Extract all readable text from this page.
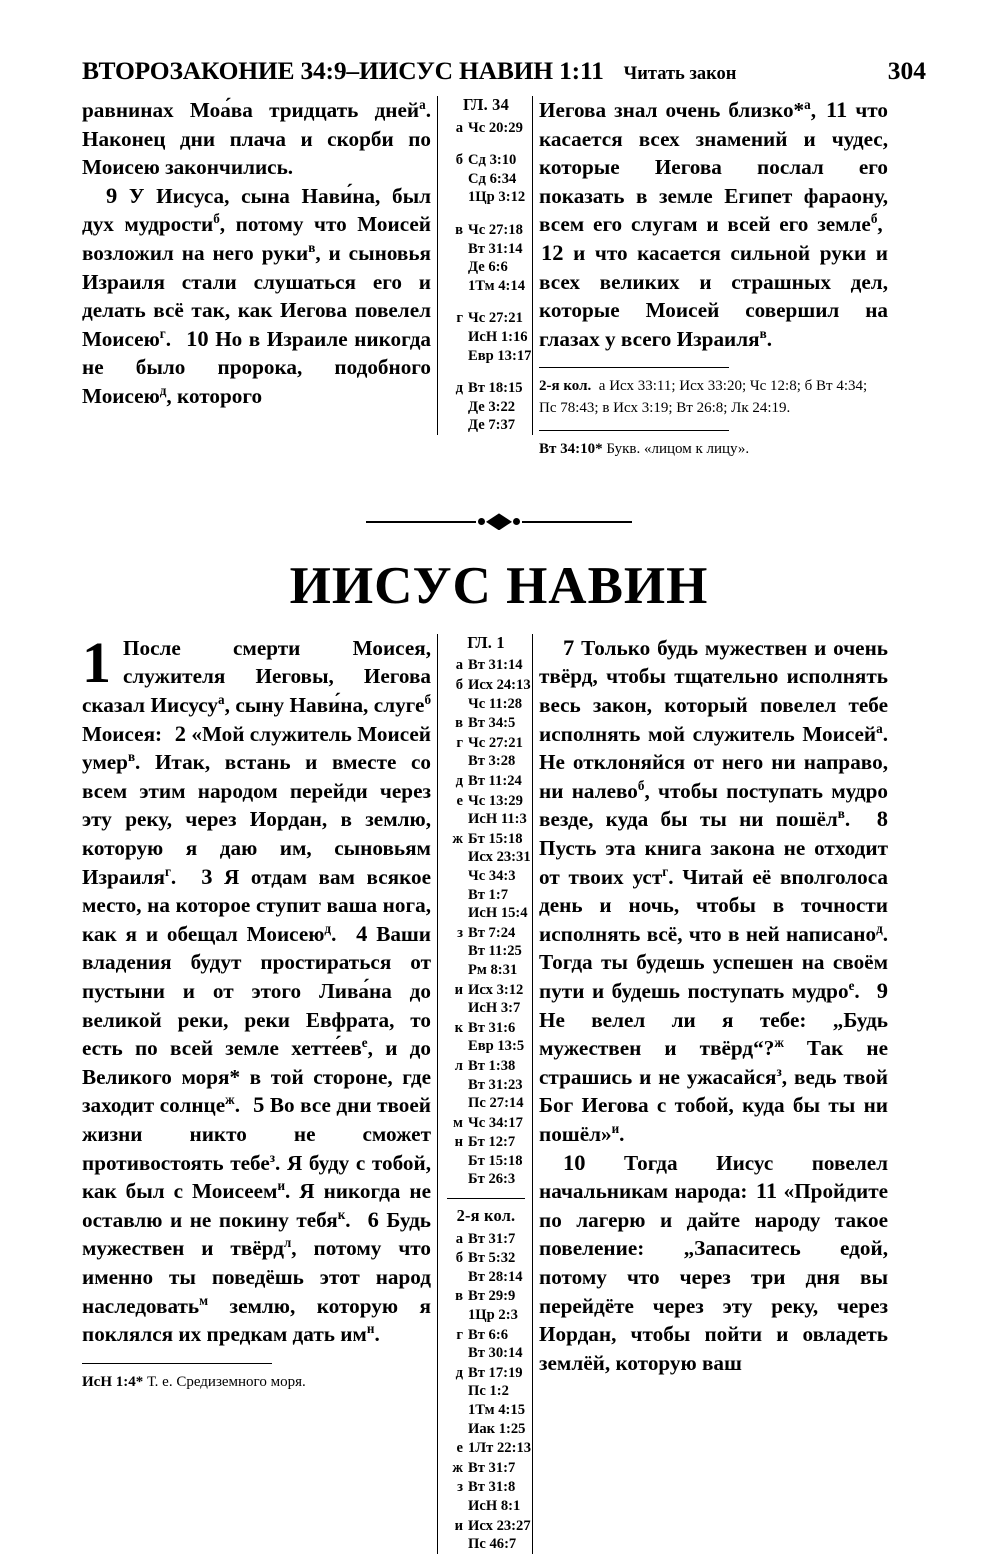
ВТОРОЗАКОНИЕ 34:9–ИИСУС НАВИН 1:11 Читать закон	304

равнинах Моа́ва тридцать дней$^а$. Наконец дни плача и скорби по Моисею закончились.

9 У Иисуса, сына Нави́на, был дух мудрости$^б$, потому что Моисей возложил на него руки$^в$, и сыновья Израиля стали слушаться его и делать всё так, как Иегова повелел Моисею$^г$. 10 Но в Израиле никогда не было пророка, подобного Моисею$^д$, которого

ГЛ. 34
а Чс 20:29
б Сд 3:10
Сд 6:34
1Цр 3:12
в Чс 27:18
Вт 31:14
Де 6:6
1Тм 4:14
г Чс 27:21
ИсН 1:16
Евр 13:17
д Вт 18:15
Де 3:22
Де 7:37

Иегова знал очень близко*$^а$, 11 что касается всех знамений и чудес, которые Иегова послал его показать в земле Египет фараону, всем его слугам и всей его земле$^б$,  12 и что касается сильной руки и всех великих и страшных дел, которые Моисей совершил на глазах у всего Израиля$^в$.

2-я кол. а Исх 33:11; Исх 33:20; Чс 12:8; б Вт 4:34;
Пс 78:43; в Исх 3:19; Вт 26:8; Лк 24:19.
Вт 34:10* Букв. «лицом к лицу».
ИИСУС НАВИН

1 После смерти Моисея, служителя Иеговы, Иегова сказал Иисусу$^а$, сыну Нави́на, слуге$^б$ Моисея: 2 «Мой служитель Моисей умер$^в$. Итак, встань и вместе со всем этим народом перейди через эту реку, через Иордан, в землю, которую я даю им, сыновьям Израиля$^г$. 3 Я отдам вам всякое место, на которое ступит ваша нога, как я и обещал Моисею$^д$. 4 Ваши владения будут простираться от пустыни и от этого Лива́на до великой реки, реки Евфрата, то есть по всей земле $хетте́ев^е$, и до Великого моря* в той стороне, где заходит солнце$^ж$. 5 Во все дни твоей жизни никто не сможет противостоять тебе$^з$. Я буду с тобой, как был с Моисеем$^и$. Я никогда не оставлю и не покину тебя$^к$. 6 Будь мужествен и твёрд$^л$, потому что именно ты поведёшь этот народ наследовать$^м$ землю, которую я поклялся их предкам дать $им^н$.

ИсН 1:4* Т. е. Средиземного моря.
ГЛ. 1
а Вт 31:14
б Исх 24:13
Чс 11:28
в Вт 34:5
г Чс 27:21
Вт 3:28
д Вт 11:24
е Чс 13:29
ИсН 11:3
ж Бт 15:18
Исх 23:31
Чс 34:3
Вт 1:7
ИсН 15:4
з Вт 7:24
Вт 11:25
Рм 8:31
и Исх 3:12
ИсН 3:7
к Вт 31:6
Евр 13:5
л Вт 1:38
Вт 31:23
Пс 27:14
м Чс 34:17
н Бт 12:7
Бт 15:18
Бт 26:3
2-я кол.
а Вт 31:7
б Вт 5:32
Вт 28:14
в Вт 29:9
1Цр 2:3
г Вт 6:6
Вт 30:14
д Вт 17:19
Пс 1:2
1Тм 4:15
Иак 1:25
е 1Лт 22:13
ж Вт 31:7
з Вт 31:8
ИсН 8:1
и Исх 23:27
Пс 46:7

7 Только будь мужествен и очень твёрд, чтобы тщательно исполнять весь закон, который повелел тебе исполнять мой служитель Моисей$^а$. Не отклоняйся от него ни направо, ни налево$^б$, чтобы поступать мудро везде, куда бы ты ни пошёл$^в$. 8 Пусть эта книга закона не отходит от твоих уст$^г$. Читай её вполголоса день и ночь, чтобы в точности исполнять всё, что в ней написано$^д$. Тогда ты будешь успешен на своём пути и будешь поступать мудро$^е$. 9 Не велел ли я тебе: „Будь мужествен и твёрд“?$^ж$ Так не страшись и не ужасайся$^з$, ведь твой Бог Иегова с тобой, куда бы ты ни пошёл»$^и$.

10 Тогда Иисус повелел начальникам народа: 11 «Пройдите по лагерю и дайте народу такое повеление: „Запаситесь едой, потому что через три дня вы перейдёте через эту реку, через Иордан, чтобы пойти и овладеть землёй, которую ваш
